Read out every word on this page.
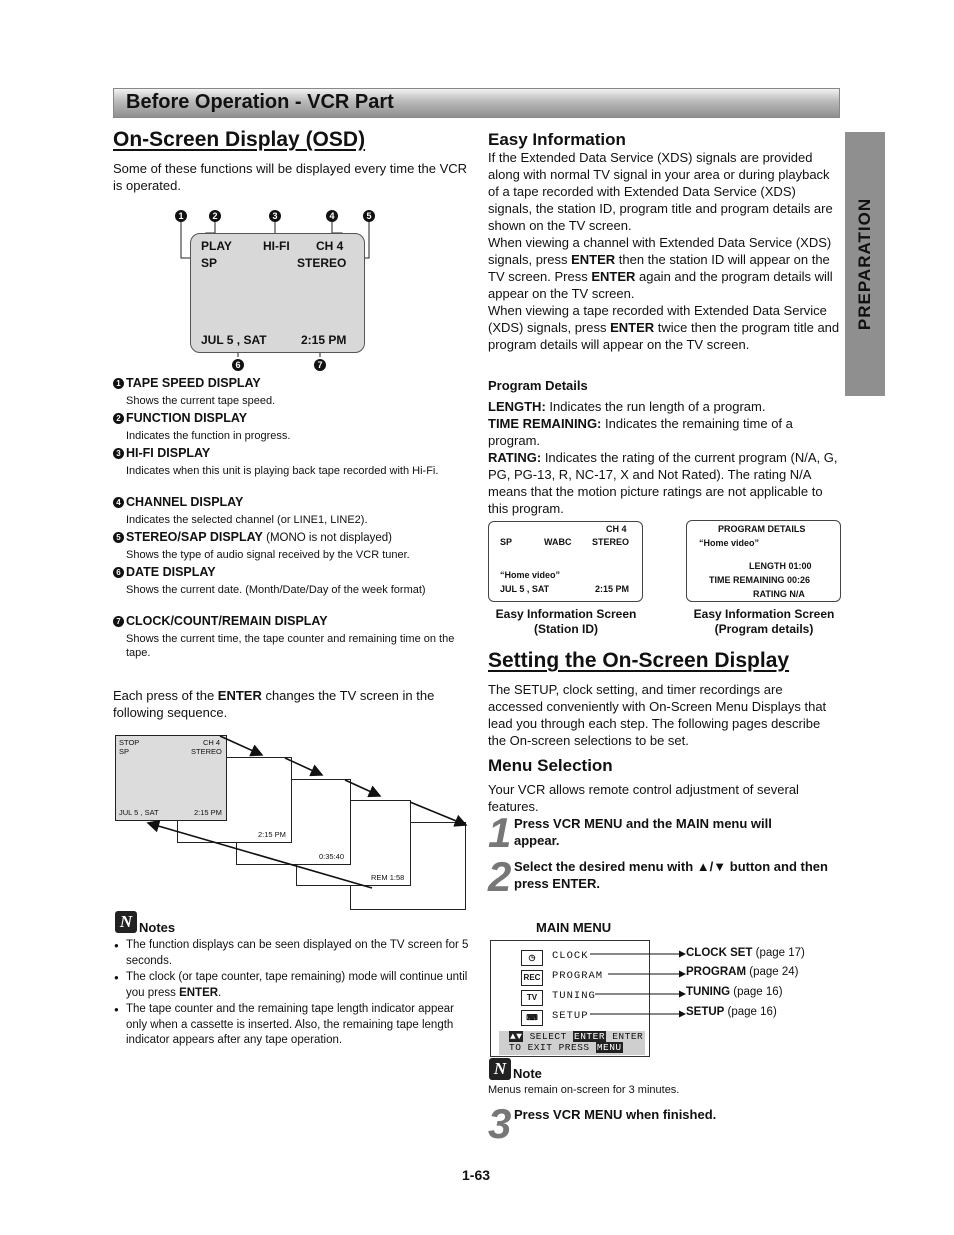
Before Operation - VCR Part
PREPARATION
On-Screen Display (OSD)
Some of these functions will be displayed every time the VCR is operated.
PLAY	HI-FI CH 4
SP	STEREO
JUL 5 , SAT	2:15 PM
1	2	3	4	5
6	7
1 TAPE SPEED DISPLAY
Shows the current tape speed.
2 FUNCTION DISPLAY
Indicates the function in progress.
3 HI-FI DISPLAY
Indicates when this unit is playing back tape recorded with Hi-Fi.
4 CHANNEL DISPLAY
Indicates the selected channel (or LINE1, LINE2).
5 STEREO/SAP DISPLAY (MONO is not displayed)
Shows the type of audio signal received by the VCR tuner.
6 DATE DISPLAY
Shows the current date. (Month/Date/Day of the week format)
7 CLOCK/COUNT/REMAIN DISPLAY
Shows the current time, the tape counter and remaining time on the tape.
Each press of the ENTER changes the TV screen in the following sequence.
STOP	CH 4
SP	STEREO
JUL 5 , SAT	2:15 PM
2:15 PM
0:35:40
REM 1:58
N Notes
● The function displays can be seen displayed on the TV screen for 5 seconds.
● The clock (or tape counter, tape remaining) mode will continue until you press ENTER.
● The tape counter and the remaining tape length indicator appear only when a cassette is inserted. Also, the remaining tape length indicator appears after any tape operation.
Easy Information
If the Extended Data Service (XDS) signals are provided along with normal TV signal in your area or during playback of a tape recorded with Extended Data Service (XDS) signals, the station ID, program title and program details are shown on the TV screen.
When viewing a channel with Extended Data Service (XDS) signals, press ENTER then the station ID will appear on the TV screen. Press ENTER again and the program details will appear on the TV screen.
When viewing a tape recorded with Extended Data Service (XDS) signals, press ENTER twice then the program title and program details will appear on the TV screen.
Program Details
LENGTH: Indicates the run length of a program.
TIME REMAINING: Indicates the remaining time of a program.
RATING: Indicates the rating of the current program (N/A, G, PG, PG-13, R, NC-17, X and Not Rated). The rating N/A means that the motion picture ratings are not applicable to this program.
CH 4
SP	WABC STEREO
“Home video”
JUL 5 , SAT	2:15 PM
PROGRAM DETAILS
“Home video”
LENGTH 01:00
TIME REMAINING 00:26
RATING N/A
Easy Information Screen
(Station ID)
Easy Information Screen
(Program details)
Setting the On-Screen Display
The SETUP, clock setting, and timer recordings are accessed conveniently with On-Screen Menu Displays that lead you through each step. The following pages describe the On-screen selections to be set.
Menu Selection
Your VCR allows remote control adjustment of several features.
1 Press VCR MENU and the MAIN menu will appear.
2 Select the desired menu with ▲/▼ button and then press ENTER.
MAIN MENU
◷	CLOCK
REC PROGRAM
TV	TUNING
⌨	SETUP
▲▼ SELECT ENTER ENTER
TO EXIT PRESS MENU
CLOCK SET (page 17)
PROGRAM (page 24)
TUNING (page 16)
SETUP (page 16)
N Note
Menus remain on-screen for 3 minutes.
3 Press VCR MENU when finished.
1-63
